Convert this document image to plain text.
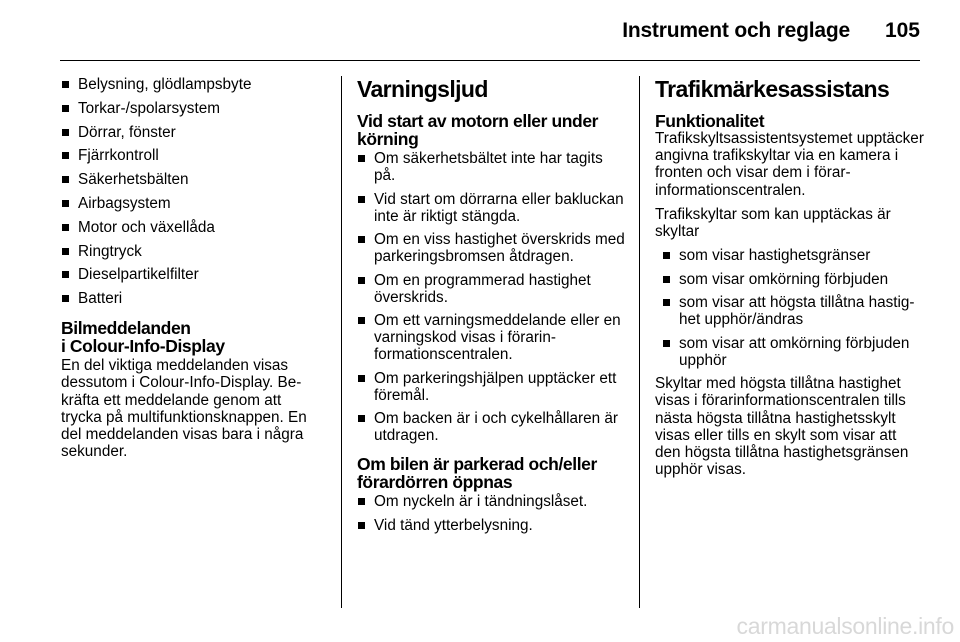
Instrument och reglage 105
Belysning, glödlampsbyte
Torkar-/spolarsystem
Dörrar, fönster
Fjärrkontroll
Säkerhetsbälten
Airbagsystem
Motor och växellåda
Ringtryck
Dieselpartikelfilter
Batteri
Bilmeddelanden
i Colour-Info-Display

En del viktiga meddelanden visas dessutom i Colour-Info-Display. Bekräfta ett meddelande genom att trycka på multifunktionsknappen. En del meddelanden visas bara i några sekunder.

Varningsljud
Vid start av motorn eller under
körning
Om säkerhetsbältet inte har tagits på.
Vid start om dörrarna eller bakluckan inte är riktigt stängda.
Om en viss hastighet överskrids med parkeringsbromsen åtdragen.
Om en programmerad hastighet överskrids.
Om ett varningsmeddelande eller en varningskod visas i förarinformationscentralen.
Om parkeringshjälpen upptäcker ett föremål.
Om backen är i och cykelhållaren är utdragen.
Om bilen är parkerad och/eller
förardörren öppnas
Om nyckeln är i tändningslåset.
Vid tänd ytterbelysning.
Trafikmärkesassistans
Funktionalitet

Trafikskyltsassistentsystemet upptäcker angivna trafikskyltar via en kamera i fronten och visar dem i förarinformationscentralen.

Trafikskyltar som kan upptäckas är skyltar

som visar hastighetsgränser
som visar omkörning förbjuden
som visar att högsta tillåtna hastighet upphör/ändras
som visar att omkörning förbjuden upphör

Skyltar med högsta tillåtna hastighet visas i förarinformationscentralen tills nästa högsta tillåtna hastighetsskylt visas eller tills en skylt som visar att den högsta tillåtna hastighetsgränsen upphör visas.

carmanualsonline.info
